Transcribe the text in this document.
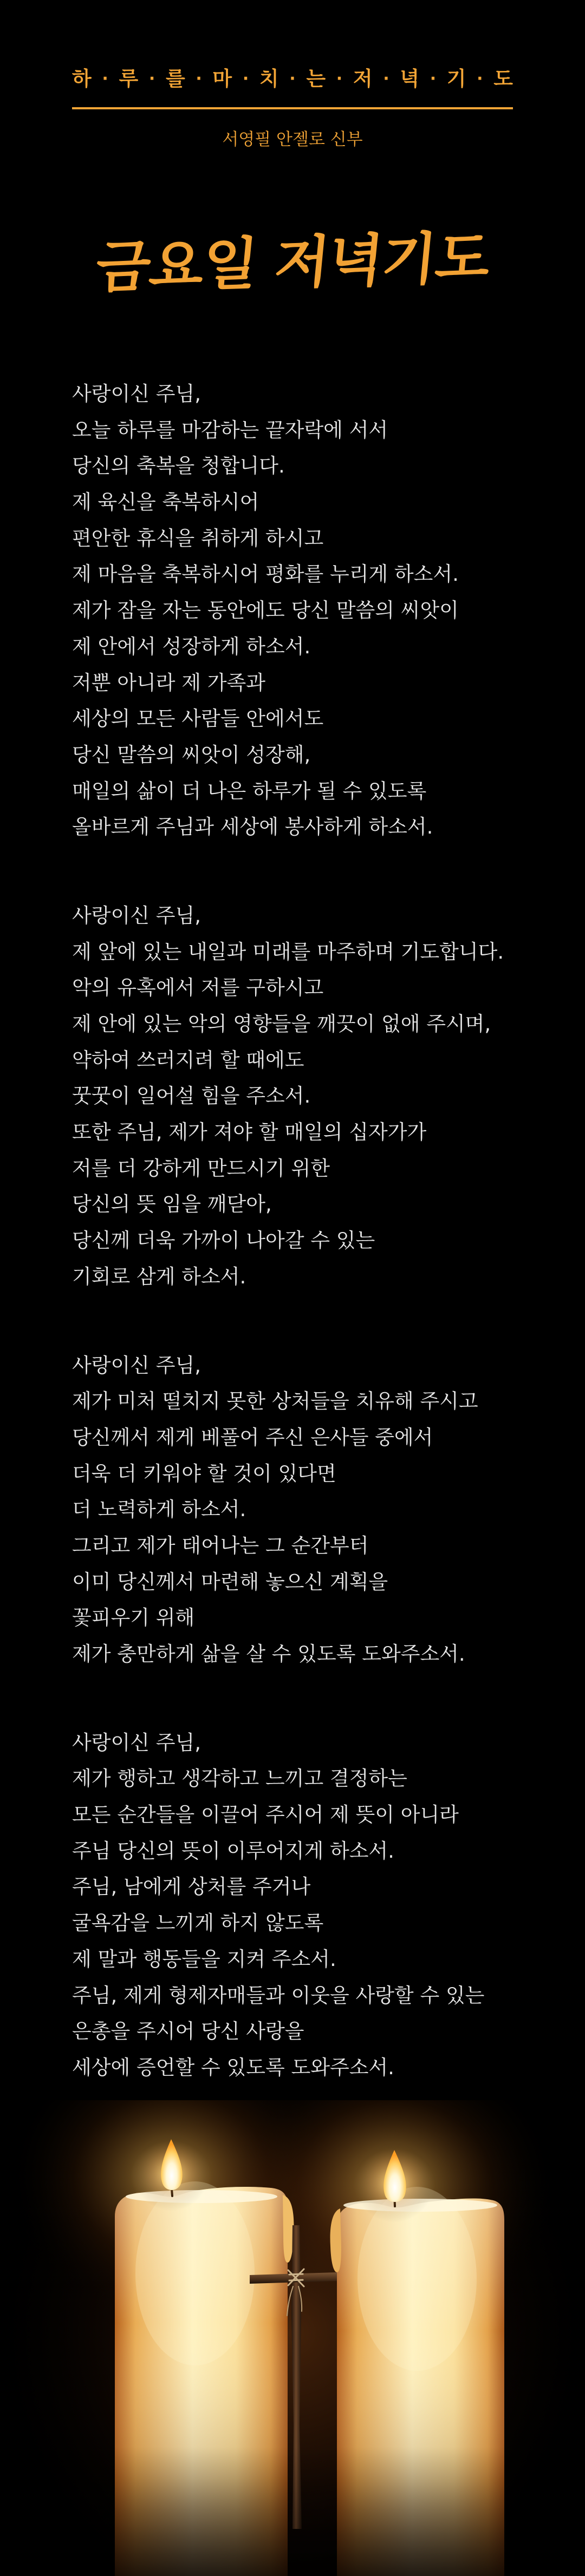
하 · 루 · 를 · 마 · 치 · 는 · 저 · 녁 · 기 · 도
서영필 안젤로 신부
금요일 저녁기도
사랑이신 주님,
오늘 하루를 마감하는 끝자락에 서서
당신의 축복을 청합니다.
제 육신을 축복하시어
편안한 휴식을 취하게 하시고
제 마음을 축복하시어 평화를 누리게 하소서.
제가 잠을 자는 동안에도 당신 말씀의 씨앗이
제 안에서 성장하게 하소서.
저뿐 아니라 제 가족과
세상의 모든 사람들 안에서도
당신 말씀의 씨앗이 성장해,
매일의 삶이 더 나은 하루가 될 수 있도록
올바르게 주님과 세상에 봉사하게 하소서.
사랑이신 주님,
제 앞에 있는 내일과 미래를 마주하며 기도합니다.
악의 유혹에서 저를 구하시고
제 안에 있는 악의 영향들을 깨끗이 없애 주시며,
약하여 쓰러지려 할 때에도
꿋꿋이 일어설 힘을 주소서.
또한 주님, 제가 져야 할 매일의 십자가가
저를 더 강하게 만드시기 위한
당신의 뜻 임을 깨닫아,
당신께 더욱 가까이 나아갈 수 있는
기회로 삼게 하소서.
사랑이신 주님,
제가 미처 떨치지 못한 상처들을 치유해 주시고
당신께서 제게 베풀어 주신 은사들 중에서
더욱 더 키워야 할 것이 있다면
더 노력하게 하소서.
그리고 제가 태어나는 그 순간부터
이미 당신께서 마련해 놓으신 계획을
꽃피우기 위해
제가 충만하게 삶을 살 수 있도록 도와주소서.
사랑이신 주님,
제가 행하고 생각하고 느끼고 결정하는
모든 순간들을 이끌어 주시어 제 뜻이 아니라
주님 당신의 뜻이 이루어지게 하소서.
주님, 남에게 상처를 주거나
굴욕감을 느끼게 하지 않도록
제 말과 행동들을 지켜 주소서.
주님, 제게 형제자매들과 이웃을 사랑할 수 있는
은총을 주시어 당신 사랑을
세상에 증언할 수 있도록 도와주소서.
